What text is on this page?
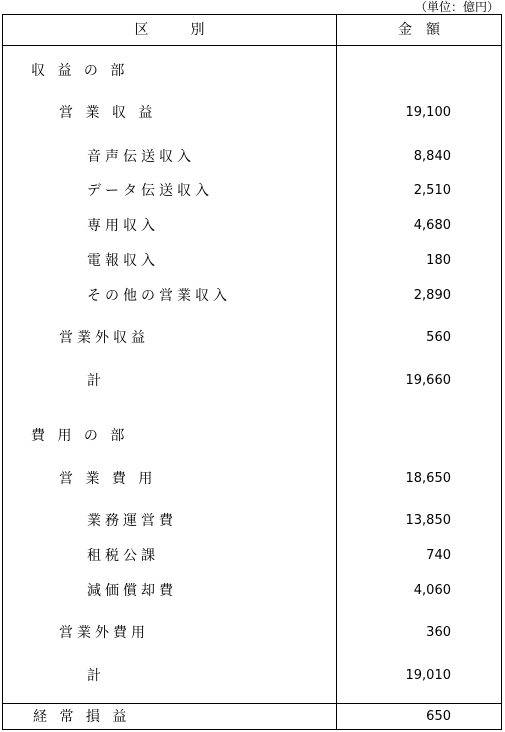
（単位：億円）
区　　　別	金　額
収 益 の 部
営 業 収 益	19,100
音声伝送収入	8,840
データ伝送収入	2,510
専用収入	4,680
電報収入	180
その他の営業収入	2,890
営業外収益	560
計	19,660
費 用 の 部
営 業 費 用	18,650
業務運営費	13,850
租税公課	740
減価償却費	4,060
営業外費用	360
計	19,010
経 常 損 益	650
